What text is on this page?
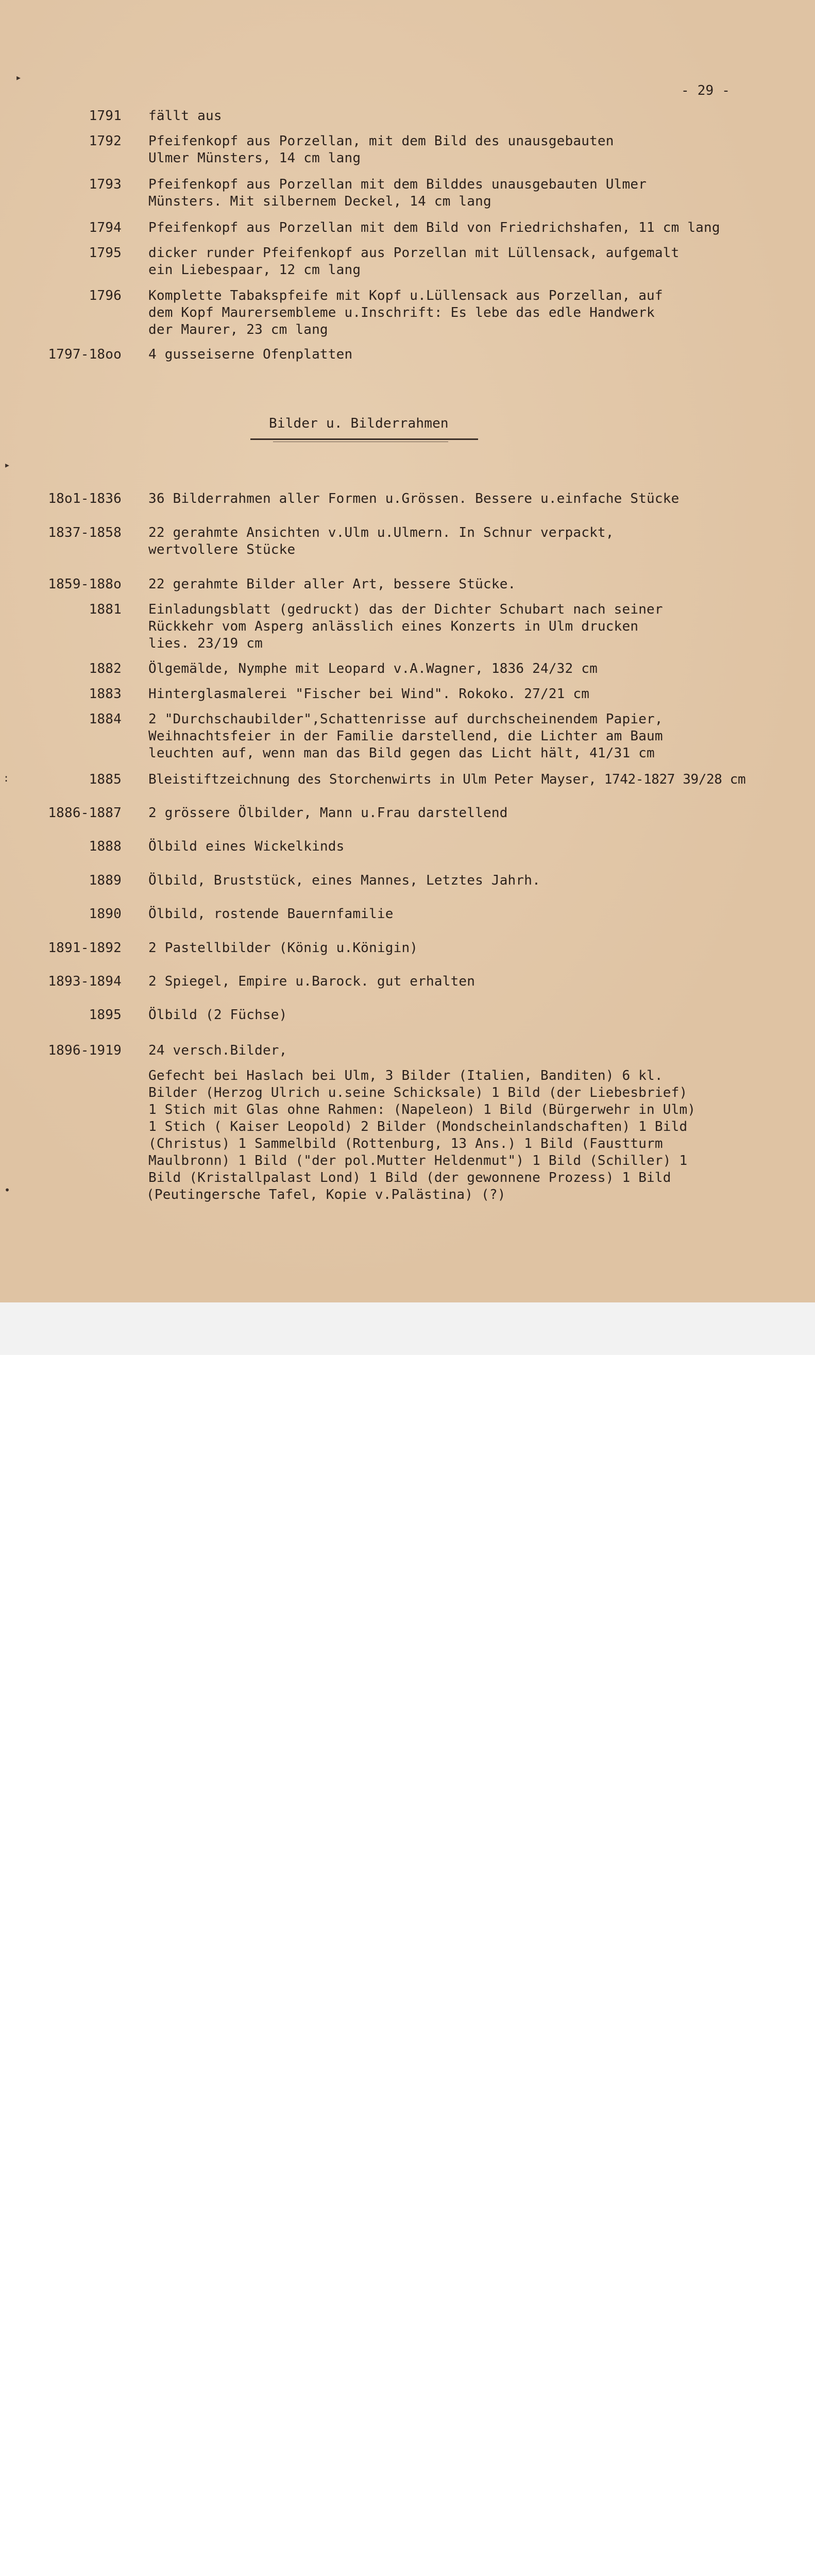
- 29 -
1791 fällt aus
1792 Pfeifenkopf aus Porzellan, mit dem Bild des unausgebauten
Ulmer Münsters, 14 cm lang
1793 Pfeifenkopf aus Porzellan mit dem Bilddes unausgebauten Ulmer
Münsters. Mit silbernem Deckel, 14 cm lang
1794 Pfeifenkopf aus Porzellan mit dem Bild von Friedrichshafen, 11 cm lang
1795 dicker runder Pfeifenkopf aus Porzellan mit Lüllensack, aufgemalt
ein Liebespaar, 12 cm lang
1796 Komplette Tabakspfeife mit Kopf u.Lüllensack aus Porzellan, auf
dem Kopf Maurersembleme u.Inschrift: Es lebe das edle Handwerk
der Maurer, 23 cm lang
1797-18oo 4 gusseiserne Ofenplatten
Bilder u. Bilderrahmen
18o1-1836 36 Bilderrahmen aller Formen u.Grössen. Bessere u.einfache Stücke
1837-1858 22 gerahmte Ansichten v.Ulm u.Ulmern. In Schnur verpackt,
wertvollere Stücke
1859-188o 22 gerahmte Bilder aller Art, bessere Stücke.
1881 Einladungsblatt (gedruckt) das der Dichter Schubart nach seiner
Rückkehr vom Asperg anlässlich eines Konzerts in Ulm drucken
lies. 23/19 cm
1882 Ölgemälde, Nymphe mit Leopard v.A.Wagner, 1836 24/32 cm
1883 Hinterglasmalerei "Fischer bei Wind". Rokoko. 27/21 cm
1884 2 "Durchschaubilder",Schattenrisse auf durchscheinendem Papier,
Weihnachtsfeier in der Familie darstellend, die Lichter am Baum
leuchten auf, wenn man das Bild gegen das Licht hält, 41/31 cm
1885 Bleistiftzeichnung des Storchenwirts in Ulm Peter Mayser, 1742-1827 39/28 cm
1886-1887 2 grössere Ölbilder, Mann u.Frau darstellend
1888 Ölbild eines Wickelkinds
1889 Ölbild, Bruststück, eines Mannes, Letztes Jahrh.
1890 Ölbild, rostende Bauernfamilie
1891-1892 2 Pastellbilder (König u.Königin)
1893-1894 2 Spiegel, Empire u.Barock. gut erhalten
1895 Ölbild (2 Füchse)
1896-1919 24 versch.Bilder,
Gefecht bei Haslach bei Ulm, 3 Bilder (Italien, Banditen) 6 kl.
Bilder (Herzog Ulrich u.seine Schicksale) 1 Bild (der Liebesbrief)
1 Stich mit Glas ohne Rahmen: (Napeleon) 1 Bild (Bürgerwehr in Ulm)
1 Stich ( Kaiser Leopold) 2 Bilder (Mondscheinlandschaften) 1 Bild
(Christus) 1 Sammelbild (Rottenburg, 13 Ans.) 1 Bild (Faustturm
Maulbronn) 1 Bild ("der pol.Mutter Heldenmut") 1 Bild (Schiller) 1
Bild (Kristallpalast Lond) 1 Bild (der gewonnene Prozess) 1 Bild
(Peutingersche Tafel, Kopie v.Palästina) (?)
▸
▸
:
•
